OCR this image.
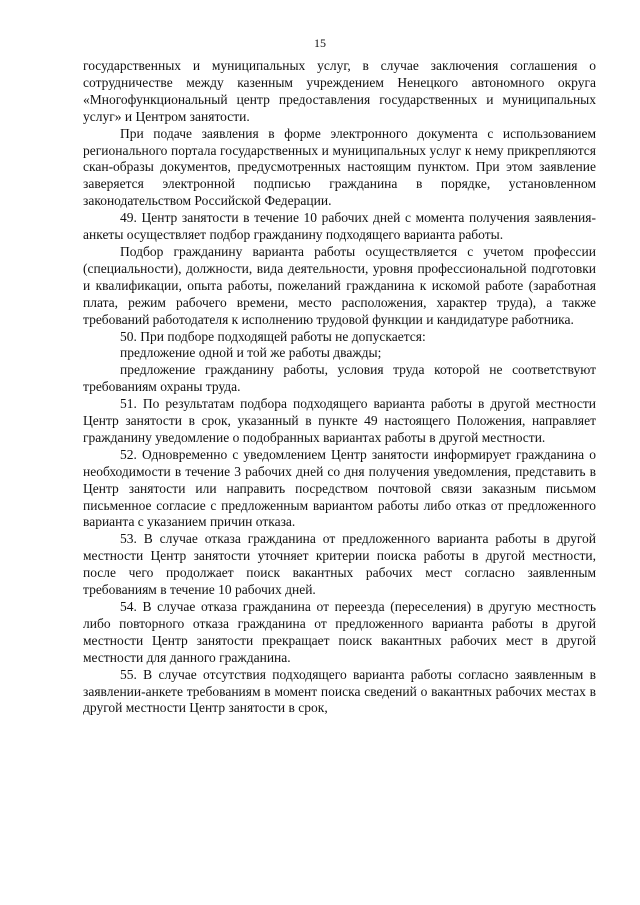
15

государственных и муниципальных услуг, в случае заключения соглашения о сотрудничестве между казенным учреждением Ненецкого автономного округа «Многофункциональный центр предоставления государственных и муниципальных услуг» и Центром занятости.

При подаче заявления в форме электронного документа с использованием регионального портала государственных и муниципальных услуг к нему прикрепляются скан-образы документов, предусмотренных настоящим пунктом. При этом заявление заверяется электронной подписью гражданина в порядке, установленном законодательством Российской Федерации.

49. Центр занятости в течение 10 рабочих дней с момента получения заявления-анкеты осуществляет подбор гражданину подходящего варианта работы.

Подбор гражданину варианта работы осуществляется с учетом профессии (специальности), должности, вида деятельности, уровня профессиональной подготовки и квалификации, опыта работы, пожеланий гражданина к искомой работе (заработная плата, режим рабочего времени, место расположения, характер труда), а также требований работодателя к исполнению трудовой функции и кандидатуре работника.

50. При подборе подходящей работы не допускается:

предложение одной и той же работы дважды;

предложение гражданину работы, условия труда которой не соответствуют требованиям охраны труда.

51. По результатам подбора подходящего варианта работы в другой местности Центр занятости в срок, указанный в пункте 49 настоящего Положения, направляет гражданину уведомление о подобранных вариантах работы в другой местности.

52. Одновременно с уведомлением Центр занятости информирует гражданина о необходимости в течение 3 рабочих дней со дня получения уведомления, представить в Центр занятости или направить посредством почтовой связи заказным письмом письменное согласие с предложенным вариантом работы либо отказ от предложенного варианта с указанием причин отказа.

53. В случае отказа гражданина от предложенного варианта работы в другой местности Центр занятости уточняет критерии поиска работы в другой местности, после чего продолжает поиск вакантных рабочих мест согласно заявленным требованиям в течение 10 рабочих дней.

54. В случае отказа гражданина от переезда (переселения) в другую местность либо повторного отказа гражданина от предложенного варианта работы в другой местности Центр занятости прекращает поиск вакантных рабочих мест в другой местности для данного гражданина.

55. В случае отсутствия подходящего варианта работы согласно заявленным в заявлении-анкете требованиям в момент поиска сведений о вакантных рабочих местах в другой местности Центр занятости в срок,
